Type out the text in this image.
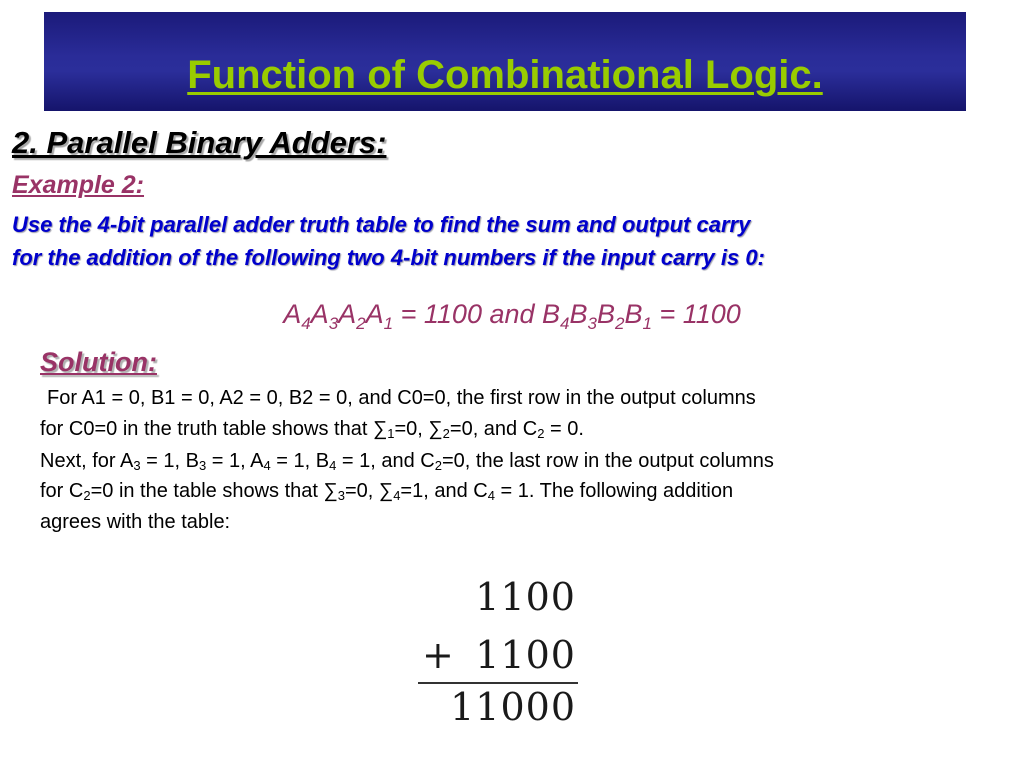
Function of Combinational Logic.
2. Parallel Binary Adders:
Example 2:
Use the 4-bit parallel adder truth table to find the sum and output carry
for the addition of the following two 4-bit numbers if the input carry is 0:
$A_4A_3A_2A_1 = 1100$ and $B_4B_3B_2B_1 = 1100$
Solution:
For A1 = 0, B1 = 0, A2 = 0, B2 = 0, and C0=0, the first row in the output columns
for C0=0 in the truth table shows that $\sum_1=0$, $\sum_2=0$, and $C_2 = 0$.
Next, for $A_3 = 1$, $B_3 = 1$, $A_4 = 1$, $B_4 = 1$, and $C_2=0$, the last row in the output columns
for $C_2=0$ in the table shows that $\sum_3=0$, $\sum_4=1$, and $C_4 = 1$. The following addition
agrees with the table:
1100
+ 1100
11000
